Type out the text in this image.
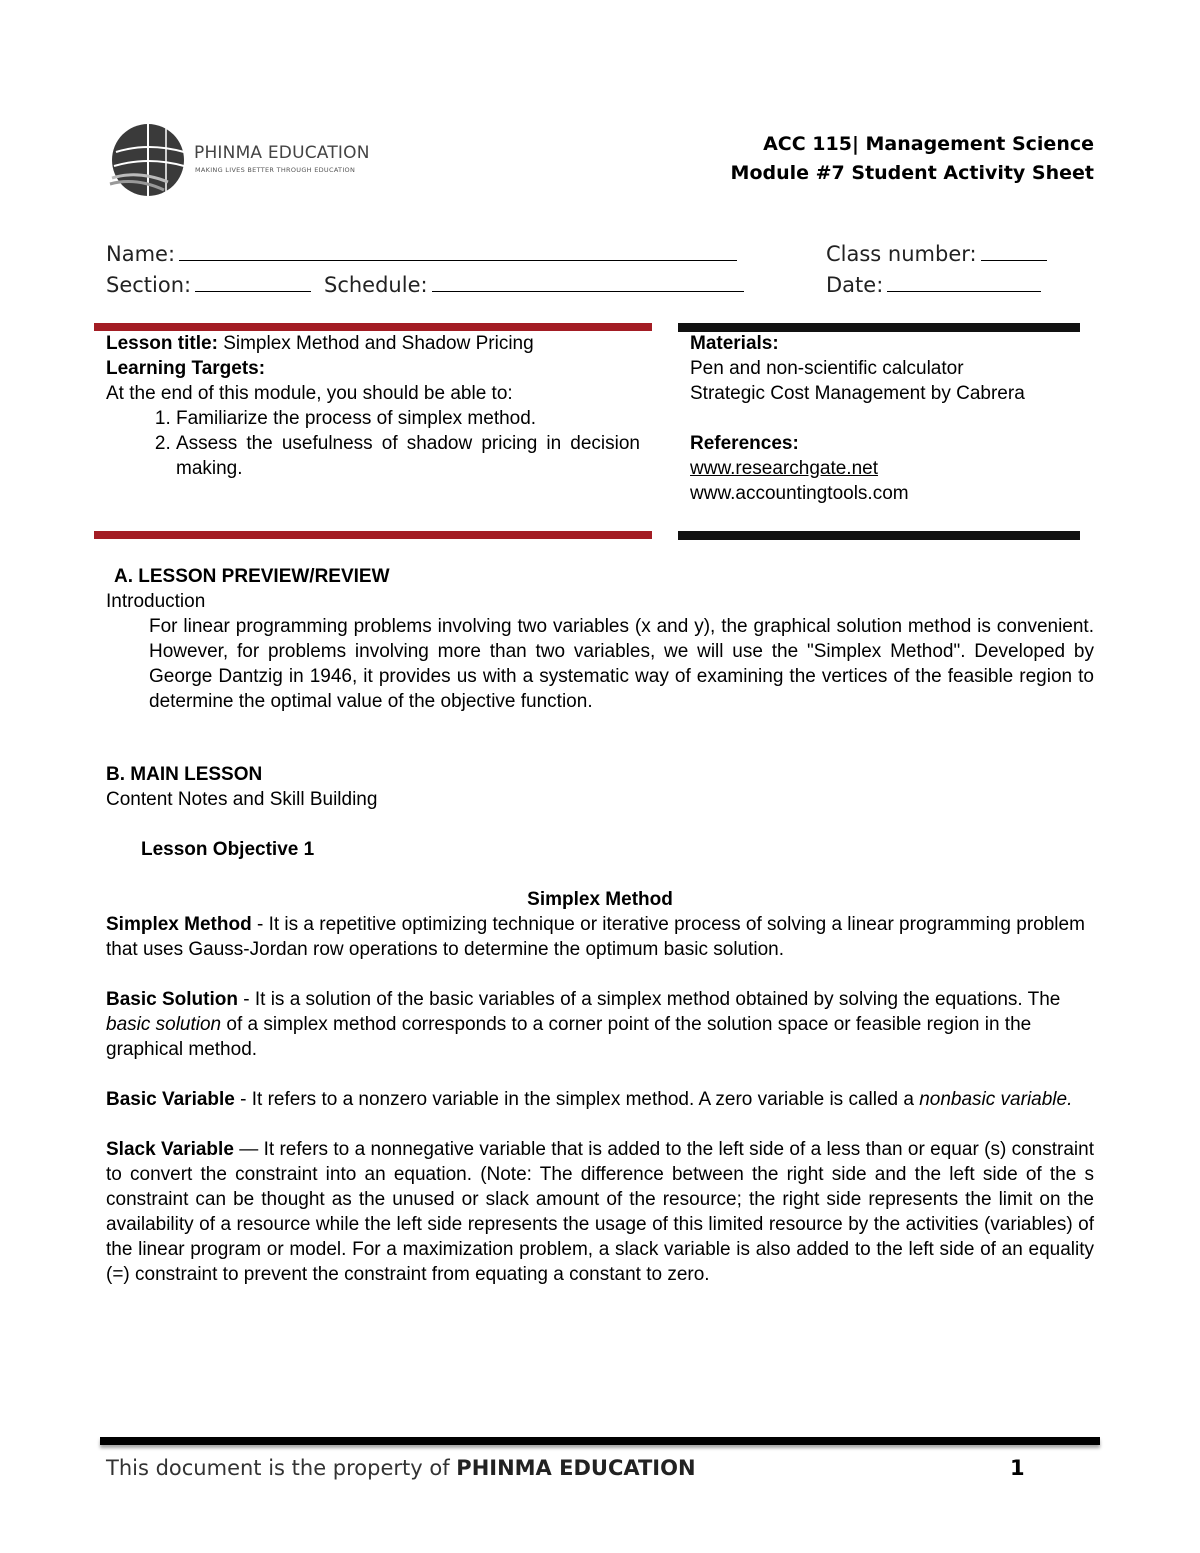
PHINMA EDUCATION
MAKING LIVES BETTER THROUGH EDUCATION
ACC 115| Management Science
Module #7 Student Activity Sheet
Name:	Class number:
Section:	Schedule:	Date:
Lesson title: Simplex Method and Shadow Pricing
Learning Targets:
At the end of this module, you should be able to:
1. Familiarize the process of simplex method.
2. Assess the usefulness of shadow pricing in decision making.
Materials:
Pen and non-scientific calculator
Strategic Cost Management by Cabrera
References:
www.researchgate.net
www.accountingtools.com
A. LESSON PREVIEW/REVIEW
Introduction
For linear programming problems involving two variables (x and y), the graphical solution method is convenient. However, for problems involving more than two variables, we will use the "Simplex Method". Developed by George Dantzig in 1946, it provides us with a systematic way of examining the vertices of the feasible region to determine the optimal value of the objective function.
B. MAIN LESSON
Content Notes and Skill Building
Lesson Objective 1
Simplex Method
Simplex Method - It is a repetitive optimizing technique or iterative process of solving a linear programming problem that uses Gauss-Jordan row operations to determine the optimum basic solution.
Basic Solution - It is a solution of the basic variables of a simplex method obtained by solving the equations. The basic solution of a simplex method corresponds to a corner point of the solution space or feasible region in the graphical method.
Basic Variable - It refers to a nonzero variable in the simplex method. A zero variable is called a nonbasic variable.
Slack Variable — It refers to a nonnegative variable that is added to the left side of a less than or equar (s) constraint to convert the constraint into an equation. (Note: The difference between the right side and the left side of the s constraint can be thought as the unused or slack amount of the resource; the right side represents the limit on the availability of a resource while the left side represents the usage of this limited resource by the activities (variables) of the linear program or model. For a maximization problem, a slack variable is also added to the left side of an equality (=) constraint to prevent the constraint from equating a constant to zero.
This document is the property of PHINMA EDUCATION	1
